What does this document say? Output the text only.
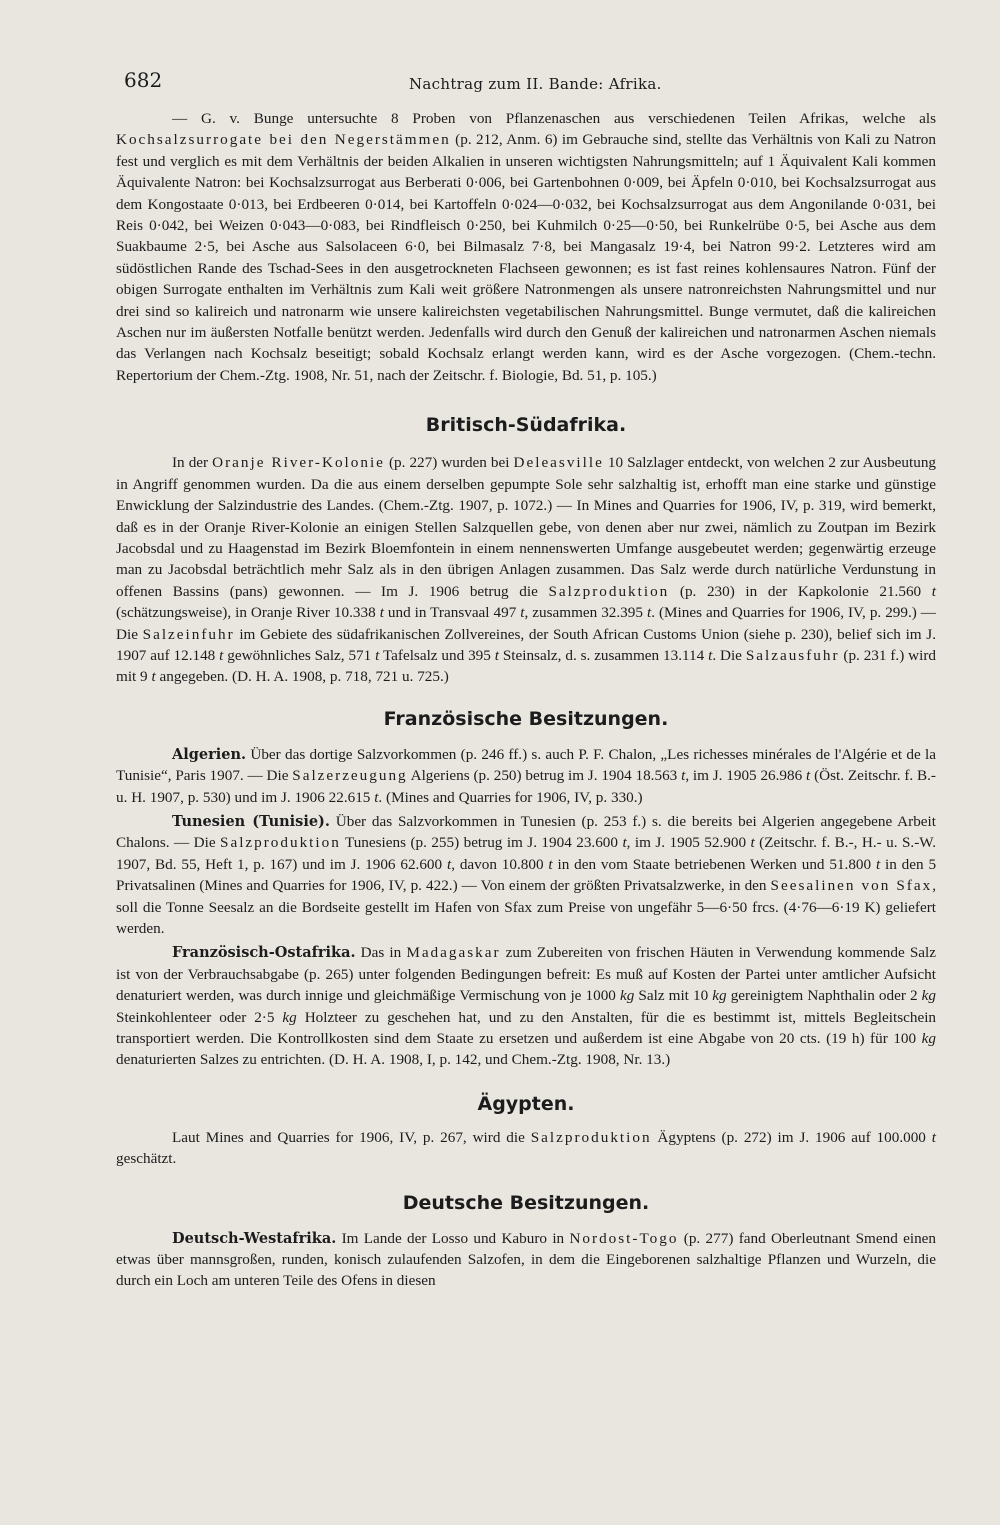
682	Nachtrag zum II. Bande: Afrika.

— G. v. Bunge untersuchte 8 Proben von Pflanzenaschen aus verschiedenen Teilen Afrikas, welche als Kochsalzsurrogate bei den Negerstämmen (p. 212, Anm. 6) im Gebrauche sind, stellte das Verhältnis von Kali zu Natron fest und verglich es mit dem Verhältnis der beiden Alkalien in unseren wichtigsten Nahrungsmitteln; auf 1 Äquivalent Kali kommen Äquivalente Natron: bei Kochsalzsurrogat aus Berberati 0·006, bei Gartenbohnen 0·009, bei Äpfeln 0·010, bei Kochsalzsurrogat aus dem Kongostaate 0·013, bei Erdbeeren 0·014, bei Kartoffeln 0·024—0·032, bei Kochsalzsurrogat aus dem Angonilande 0·031, bei Reis 0·042, bei Weizen 0·043—0·083, bei Rindfleisch 0·250, bei Kuhmilch 0·25—0·50, bei Runkelrübe 0·5, bei Asche aus dem Suakbaume 2·5, bei Asche aus Salsolaceen 6·0, bei Bilmasalz 7·8, bei Mangasalz 19·4, bei Natron 99·2. Letzteres wird am südöstlichen Rande des Tschad-Sees in den ausgetrockneten Flachseen gewonnen; es ist fast reines kohlensaures Natron. Fünf der obigen Surrogate enthalten im Verhältnis zum Kali weit größere Natronmengen als unsere natronreichsten Nahrungsmittel und nur drei sind so kalireich und natronarm wie unsere kalireichsten vegetabilischen Nahrungsmittel. Bunge vermutet, daß die kalireichen Aschen nur im äußersten Notfalle benützt werden. Jedenfalls wird durch den Genuß der kalireichen und natronarmen Aschen niemals das Verlangen nach Kochsalz beseitigt; sobald Kochsalz erlangt werden kann, wird es der Asche vorgezogen. (Chem.-techn. Repertorium der Chem.-Ztg. 1908, Nr. 51, nach der Zeitschr. f. Biologie, Bd. 51, p. 105.)

Britisch-Südafrika.

In der Oranje River-Kolonie (p. 227) wurden bei Deleasville 10 Salzlager entdeckt, von welchen 2 zur Ausbeutung in Angriff genommen wurden. Da die aus einem derselben gepumpte Sole sehr salzhaltig ist, erhofft man eine starke und günstige Enwicklung der Salzindustrie des Landes. (Chem.-Ztg. 1907, p. 1072.) — In Mines and Quarries for 1906, IV, p. 319, wird bemerkt, daß es in der Oranje River-Kolonie an einigen Stellen Salzquellen gebe, von denen aber nur zwei, nämlich zu Zoutpan im Bezirk Jacobsdal und zu Haagenstad im Bezirk Bloemfontein in einem nennenswerten Umfange ausgebeutet werden; gegenwärtig erzeuge man zu Jacobsdal beträchtlich mehr Salz als in den übrigen Anlagen zusammen. Das Salz werde durch natürliche Verdunstung in offenen Bassins (pans) gewonnen. — Im J. 1906 betrug die Salzproduktion (p. 230) in der Kapkolonie 21.560 t (schätzungsweise), in Oranje River 10.338 t und in Transvaal 497 t, zusammen 32.395 t. (Mines and Quarries for 1906, IV, p. 299.) — Die Salzeinfuhr im Gebiete des südafrikanischen Zollvereines, der South African Customs Union (siehe p. 230), belief sich im J. 1907 auf 12.148 t gewöhnliches Salz, 571 t Tafelsalz und 395 t Steinsalz, d. s. zusammen 13.114 t. Die Salzausfuhr (p. 231 f.) wird mit 9 t angegeben. (D. H. A. 1908, p. 718, 721 u. 725.)

Französische Besitzungen.

Algerien. Über das dortige Salzvorkommen (p. 246 ff.) s. auch P. F. Chalon, „Les richesses minérales de l'Algérie et de la Tunisie“, Paris 1907. — Die Salzerzeugung Algeriens (p. 250) betrug im J. 1904 18.563 t, im J. 1905 26.986 t (Öst. Zeitschr. f. B.- u. H. 1907, p. 530) und im J. 1906 22.615 t. (Mines and Quarries for 1906, IV, p. 330.)

Tunesien (Tunisie). Über das Salzvorkommen in Tunesien (p. 253 f.) s. die bereits bei Algerien angegebene Arbeit Chalons. — Die Salzproduktion Tunesiens (p. 255) betrug im J. 1904 23.600 t, im J. 1905 52.900 t (Zeitschr. f. B.-, H.- u. S.-W. 1907, Bd. 55, Heft 1, p. 167) und im J. 1906 62.600 t, davon 10.800 t in den vom Staate betriebenen Werken und 51.800 t in den 5 Privatsalinen (Mines and Quarries for 1906, IV, p. 422.) — Von einem der größten Privatsalzwerke, in den Seesalinen von Sfax, soll die Tonne Seesalz an die Bordseite gestellt im Hafen von Sfax zum Preise von ungefähr 5—6·50 frcs. (4·76—6·19 K) geliefert werden.

Französisch-Ostafrika. Das in Madagaskar zum Zubereiten von frischen Häuten in Verwendung kommende Salz ist von der Verbrauchsabgabe (p. 265) unter folgenden Bedingungen befreit: Es muß auf Kosten der Partei unter amtlicher Aufsicht denaturiert werden, was durch innige und gleichmäßige Vermischung von je 1000 kg Salz mit 10 kg gereinigtem Naphthalin oder 2 kg Steinkohlenteer oder 2·5 kg Holzteer zu geschehen hat, und zu den Anstalten, für die es bestimmt ist, mittels Begleitschein transportiert werden. Die Kontrollkosten sind dem Staate zu ersetzen und außerdem ist eine Abgabe von 20 cts. (19 h) für 100 kg denaturierten Salzes zu entrichten. (D. H. A. 1908, I, p. 142, und Chem.-Ztg. 1908, Nr. 13.)

Ägypten.

Laut Mines and Quarries for 1906, IV, p. 267, wird die Salzproduktion Ägyptens (p. 272) im J. 1906 auf 100.000 t geschätzt.

Deutsche Besitzungen.

Deutsch-Westafrika. Im Lande der Losso und Kaburo in Nordost-Togo (p. 277) fand Oberleutnant Smend einen etwas über mannsgroßen, runden, konisch zulaufenden Salzofen, in dem die Eingeborenen salzhaltige Pflanzen und Wurzeln, die durch ein Loch am unteren Teile des Ofens in diesen
